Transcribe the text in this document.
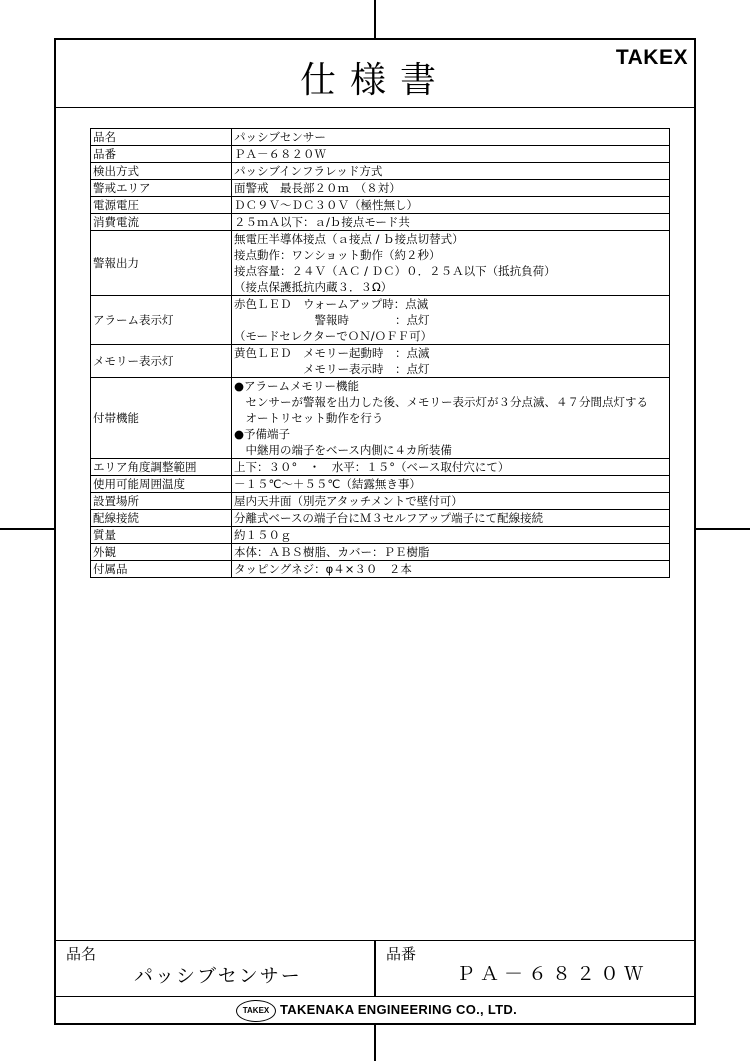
仕様書
TAKEX
品名	パッシブセンサー

品番	ＰＡ－６８２０Ｗ

検出方式	パッシブインフラレッド方式

警戒エリア	面警戒　最長部２０ｍ　（８対）

電源電圧	ＤＣ９Ｖ～ＤＣ３０Ｖ（極性無し）

消費電流	２５ｍＡ以下：ａ/ｂ接点モード共

警報出力	無電圧半導体接点（ａ接点 / ｂ接点切替式）
接点動作：ワンショット動作（約２秒）
接点容量：２４Ｖ（ＡＣ / ＤＣ）０．２５Ａ以下（抵抗負荷）
（接点保護抵抗内蔵３．３Ω）

アラーム表示灯	赤色ＬＥＤ　ウォームアップ時：点滅
　　　　　　　警報時　　　　：点灯
（モードセレクターでＯＮ/ＯＦＦ可）

メモリー表示灯	黄色ＬＥＤ　メモリー起動時　：点滅
　　　　　　メモリー表示時　：点灯

付帯機能	●アラームメモリー機能
　センサーが警報を出力した後、メモリー表示灯が３分点滅、４７分間点灯する
　オートリセット動作を行う
●予備端子
　中継用の端子をベース内側に４カ所装備

エリア角度調整範囲	上下：３０°　・　水平：１５°（ベース取付穴にて）

使用可能周囲温度	－１５℃～＋５５℃（結露無き事）

設置場所	屋内天井面（別売アタッチメントで壁付可）

配線接続	分離式ベースの端子台にＭ３セルフアップ端子にて配線接続

質量	約１５０ｇ

外観	本体：ＡＢＳ樹脂、カバー：ＰＥ樹脂

付属品	タッピングネジ：φ４×３０　２本
品名
パッシブセンサー
品番
ＰＡ－６８２０Ｗ
TAKEX TAKENAKA ENGINEERING CO., LTD.
